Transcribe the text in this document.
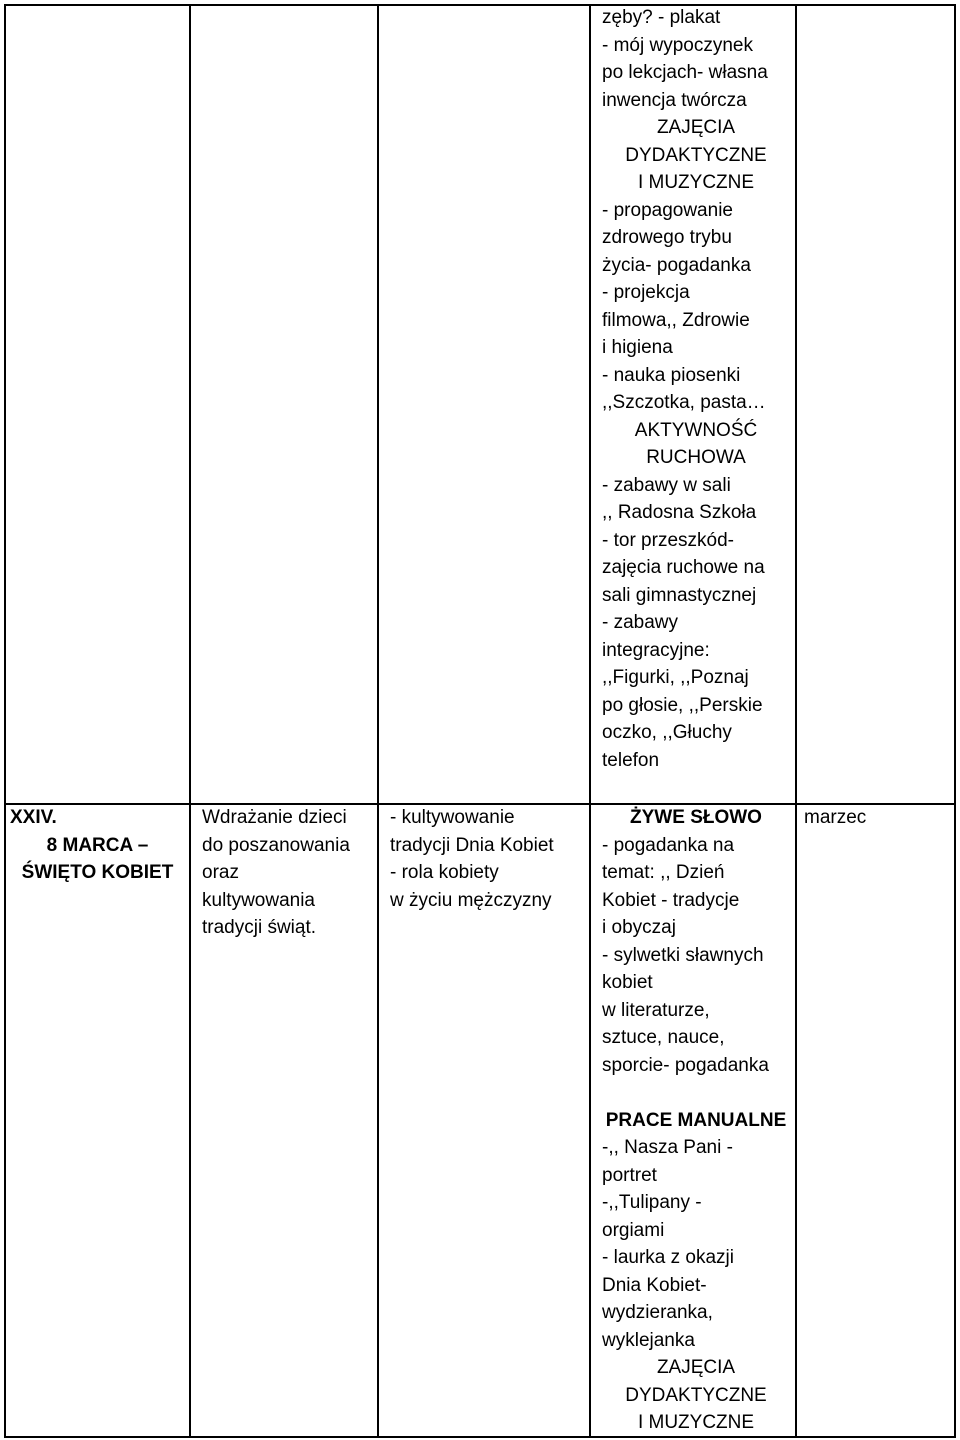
zęby? - plakat
- mój wypoczynek
po lekcjach- własna
inwencja twórcza
ZAJĘCIA
DYDAKTYCZNE
I MUZYCZNE
- propagowanie
zdrowego trybu
życia- pogadanka
- projekcja
filmowa,, Zdrowie
i higiena
- nauka piosenki
,,Szczotka, pasta…
AKTYWNOŚĆ
RUCHOWA
- zabawy w sali
,, Radosna Szkoła
- tor przeszkód-
zajęcia ruchowe na
sali gimnastycznej
- zabawy
integracyjne:
,,Figurki, ,,Poznaj
po głosie, ,,Perskie
oczko, ,,Głuchy
telefon
XXIV.
8 MARCA –
ŚWIĘTO KOBIET
Wdrażanie dzieci
do poszanowania
oraz
kultywowania
tradycji świąt.
- kultywowanie
tradycji Dnia Kobiet
- rola kobiety
w życiu mężczyzny
ŻYWE SŁOWO
- pogadanka na
temat: ,, Dzień
Kobiet - tradycje
i obyczaj
- sylwetki sławnych
kobiet
w literaturze,
sztuce, nauce,
sporcie- pogadanka

PRACE MANUALNE
-,, Nasza Pani -
portret
-,,Tulipany -
orgiami
- laurka z okazji
Dnia Kobiet-
wydzieranka,
wyklejanka
ZAJĘCIA
DYDAKTYCZNE
I MUZYCZNE
marzec
